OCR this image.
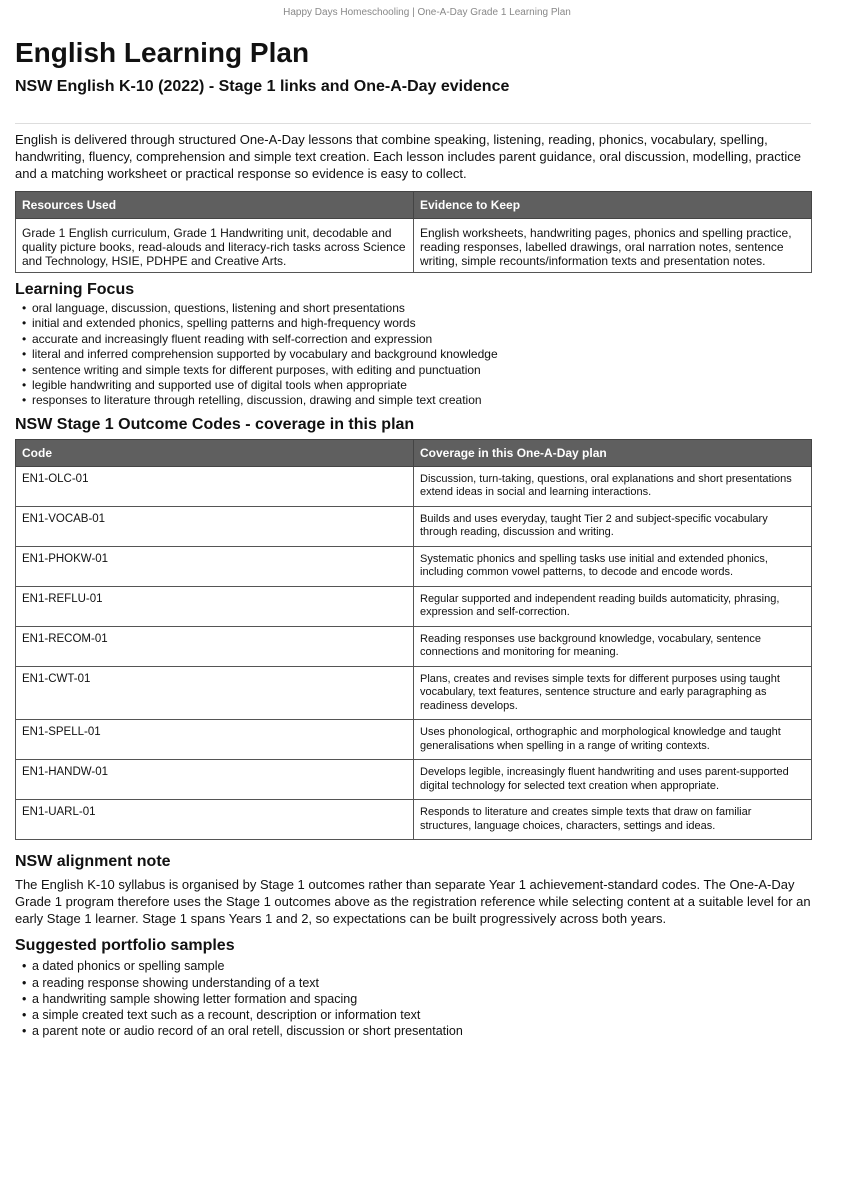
Happy Days Homeschooling | One-A-Day Grade 1 Learning Plan
English Learning Plan
NSW English K-10 (2022) - Stage 1 links and One-A-Day evidence

English is delivered through structured One-A-Day lessons that combine speaking, listening, reading, phonics, vocabulary, spelling, handwriting, fluency, comprehension and simple text creation. Each lesson includes parent guidance, oral discussion, modelling, practice and a matching worksheet or practical response so evidence is easy to collect.

Resources Used	Evidence to Keep
Grade 1 English curriculum, Grade 1 Handwriting unit, decodable and quality picture books, read-alouds and literacy-rich tasks across Science and Technology, HSIE, PDHPE and Creative Arts.	English worksheets, handwriting pages, phonics and spelling practice, reading responses, labelled drawings, oral narration notes, sentence writing, simple recounts/information texts and presentation notes.
Learning Focus
• oral language, discussion, questions, listening and short presentations
• initial and extended phonics, spelling patterns and high-frequency words
• accurate and increasingly fluent reading with self-correction and expression
• literal and inferred comprehension supported by vocabulary and background knowledge
• sentence writing and simple texts for different purposes, with editing and punctuation
• legible handwriting and supported use of digital tools when appropriate
• responses to literature through retelling, discussion, drawing and simple text creation
NSW Stage 1 Outcome Codes - coverage in this plan
Code	Coverage in this One-A-Day plan
EN1-OLC-01	Discussion, turn-taking, questions, oral explanations and short presentations extend ideas in social and learning interactions.
EN1-VOCAB-01	Builds and uses everyday, taught Tier 2 and subject-specific vocabulary through reading, discussion and writing.
EN1-PHOKW-01	Systematic phonics and spelling tasks use initial and extended phonics, including common vowel patterns, to decode and encode words.
EN1-REFLU-01	Regular supported and independent reading builds automaticity, phrasing, expression and self-correction.
EN1-RECOM-01	Reading responses use background knowledge, vocabulary, sentence connections and monitoring for meaning.
EN1-CWT-01	Plans, creates and revises simple texts for different purposes using taught vocabulary, text features, sentence structure and early paragraphing as readiness develops.
EN1-SPELL-01	Uses phonological, orthographic and morphological knowledge and taught generalisations when spelling in a range of writing contexts.
EN1-HANDW-01	Develops legible, increasingly fluent handwriting and uses parent-supported digital technology for selected text creation when appropriate.
EN1-UARL-01	Responds to literature and creates simple texts that draw on familiar structures, language choices, characters, settings and ideas.
NSW alignment note

The English K-10 syllabus is organised by Stage 1 outcomes rather than separate Year 1 achievement-standard codes. The One-A-Day Grade 1 program therefore uses the Stage 1 outcomes above as the registration reference while selecting content at a suitable level for an early Stage 1 learner. Stage 1 spans Years 1 and 2, so expectations can be built progressively across both years.

Suggested portfolio samples
• a dated phonics or spelling sample
• a reading response showing understanding of a text
• a handwriting sample showing letter formation and spacing
• a simple created text such as a recount, description or information text
• a parent note or audio record of an oral retell, discussion or short presentation
